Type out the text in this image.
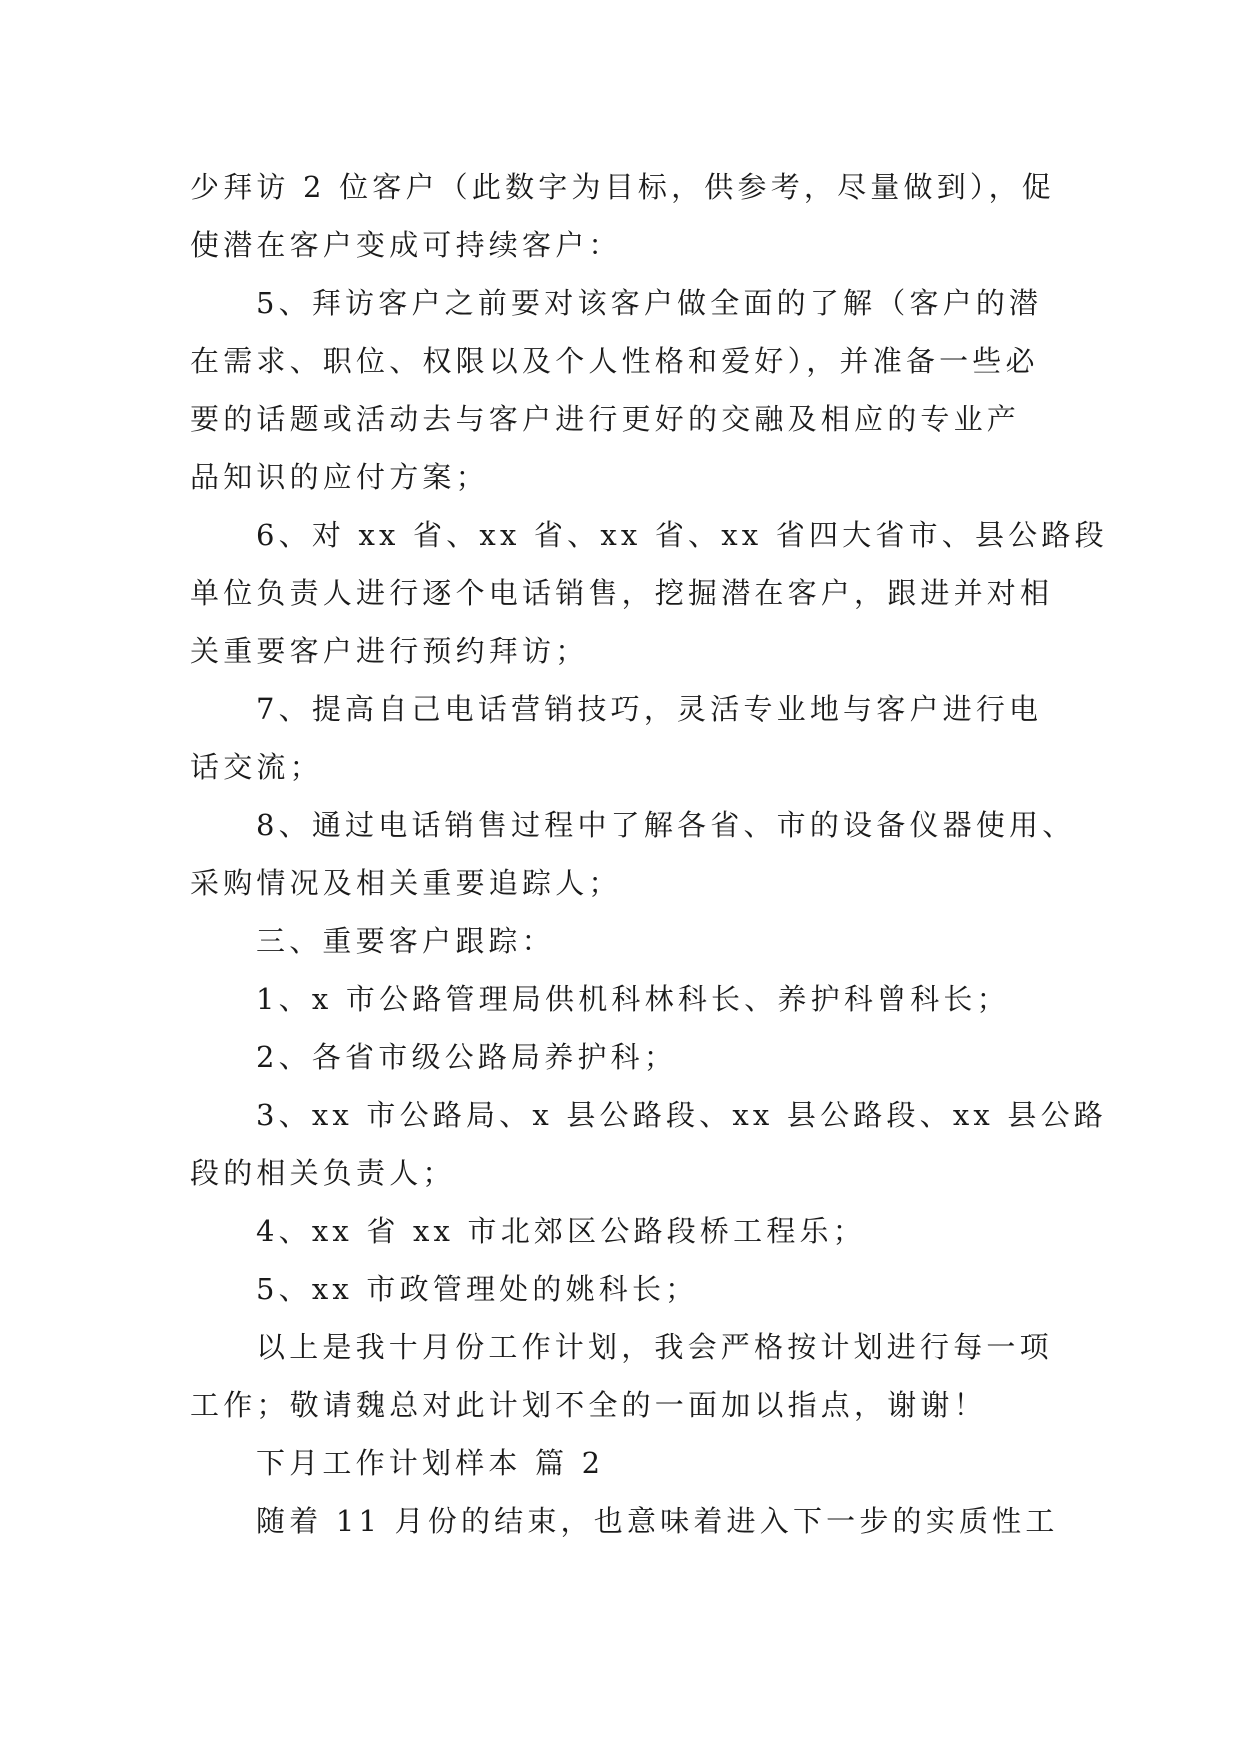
少拜访 2 位客户（此数字为目标，供参考，尽量做到），促
使潜在客户变成可持续客户：
5、拜访客户之前要对该客户做全面的了解（客户的潜
在需求、职位、权限以及个人性格和爱好），并准备一些必
要的话题或活动去与客户进行更好的交融及相应的专业产
品知识的应付方案；
6、对 xx 省、xx 省、xx 省、xx 省四大省市、县公路段
单位负责人进行逐个电话销售，挖掘潜在客户，跟进并对相
关重要客户进行预约拜访；
7、提高自己电话营销技巧，灵活专业地与客户进行电
话交流；
8、通过电话销售过程中了解各省、市的设备仪器使用、
采购情况及相关重要追踪人；
三、重要客户跟踪：
1、x 市公路管理局供机科林科长、养护科曾科长；
2、各省市级公路局养护科；
3、xx 市公路局、x 县公路段、xx 县公路段、xx 县公路
段的相关负责人；
4、xx 省 xx 市北郊区公路段桥工程乐；
5、xx 市政管理处的姚科长；
以上是我十月份工作计划，我会严格按计划进行每一项
工作；敬请魏总对此计划不全的一面加以指点，谢谢！
下月工作计划样本 篇 2
随着 11 月份的结束，也意味着进入下一步的实质性工
